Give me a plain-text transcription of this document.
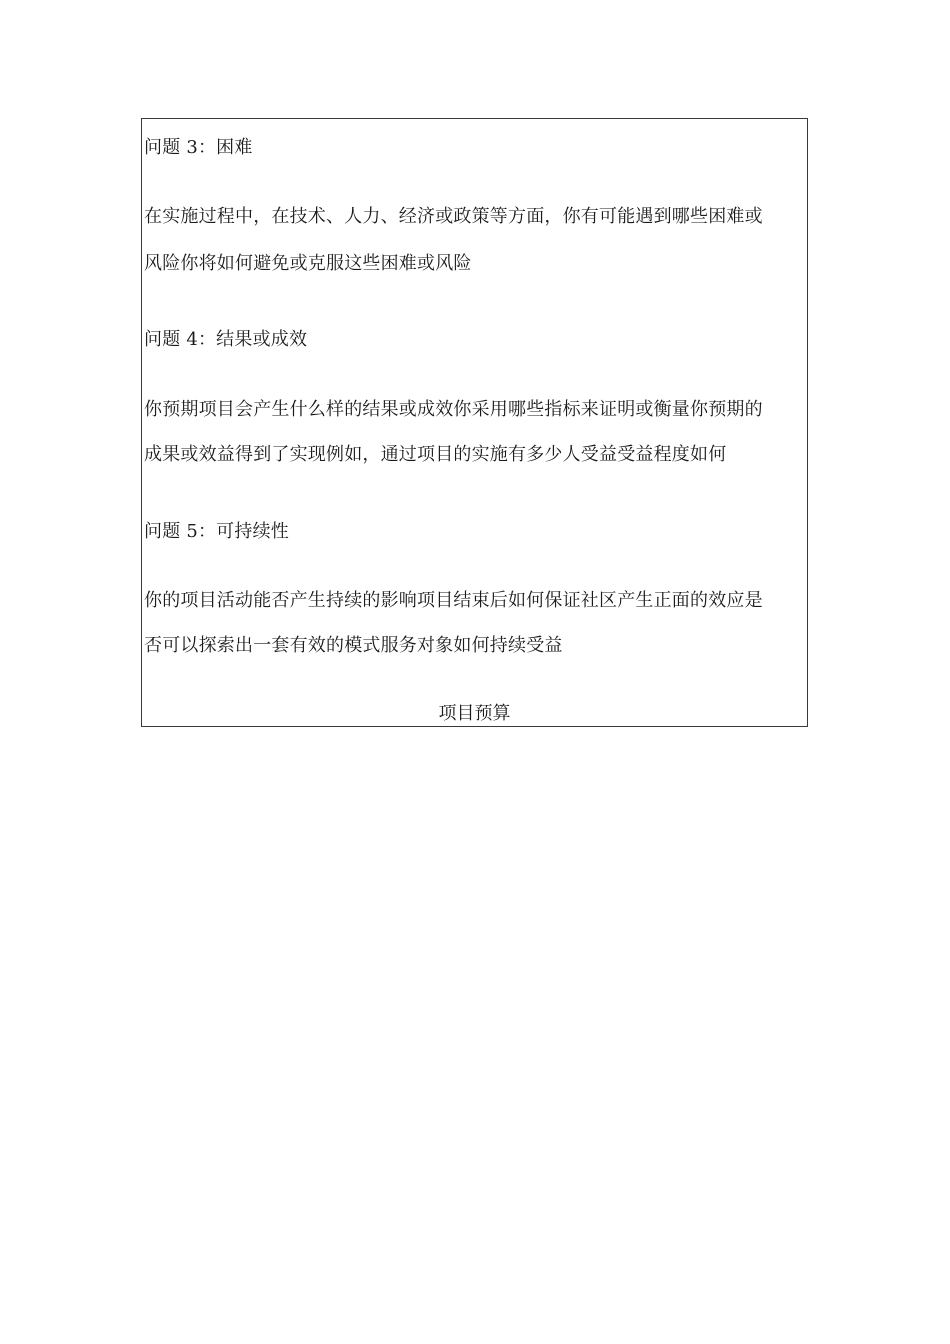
问题 3：困难
在实施过程中，在技术、人力、经济或政策等方面，你有可能遇到哪些困难或
风险你将如何避免或克服这些困难或风险
问题 4：结果或成效
你预期项目会产生什么样的结果或成效你采用哪些指标来证明或衡量你预期的
成果或效益得到了实现例如，通过项目的实施有多少人受益受益程度如何
问题 5：可持续性
你的项目活动能否产生持续的影响项目结束后如何保证社区产生正面的效应是
否可以探索出一套有效的模式服务对象如何持续受益
项目预算
